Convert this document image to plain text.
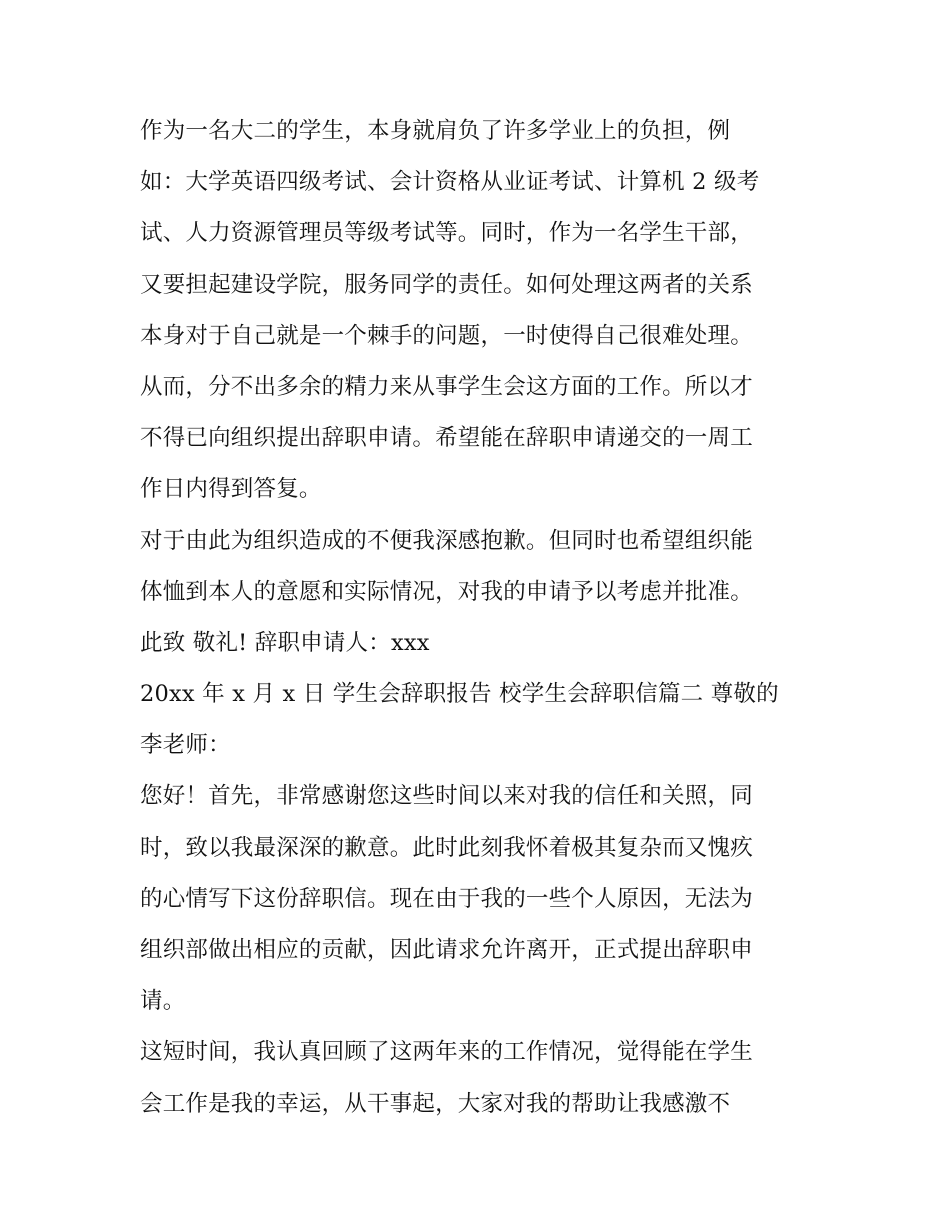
作为一名大二的学生，本身就肩负了许多学业上的负担，例
如：大学英语四级考试、会计资格从业证考试、计算机 2 级考
试、人力资源管理员等级考试等。同时，作为一名学生干部，
又要担起建设学院，服务同学的责任。如何处理这两者的关系
本身对于自己就是一个棘手的问题，一时使得自己很难处理。
从而，分不出多余的精力来从事学生会这方面的工作。所以才
不得已向组织提出辞职申请。希望能在辞职申请递交的一周工
作日内得到答复。
对于由此为组织造成的不便我深感抱歉。但同时也希望组织能
体恤到本人的意愿和实际情况，对我的申请予以考虑并批准。
此致 敬礼! 辞职申请人：xxx
20xx 年 x 月 x 日 学生会辞职报告 校学生会辞职信篇二 尊敬的
李老师：
您好！首先，非常感谢您这些时间以来对我的信任和关照，同
时，致以我最深深的歉意。此时此刻我怀着极其复杂而又愧疚
的心情写下这份辞职信。现在由于我的一些个人原因，无法为
组织部做出相应的贡献，因此请求允许离开，正式提出辞职申
请。
这短时间，我认真回顾了这两年来的工作情况，觉得能在学生
会工作是我的幸运，从干事起，大家对我的帮助让我感激不
